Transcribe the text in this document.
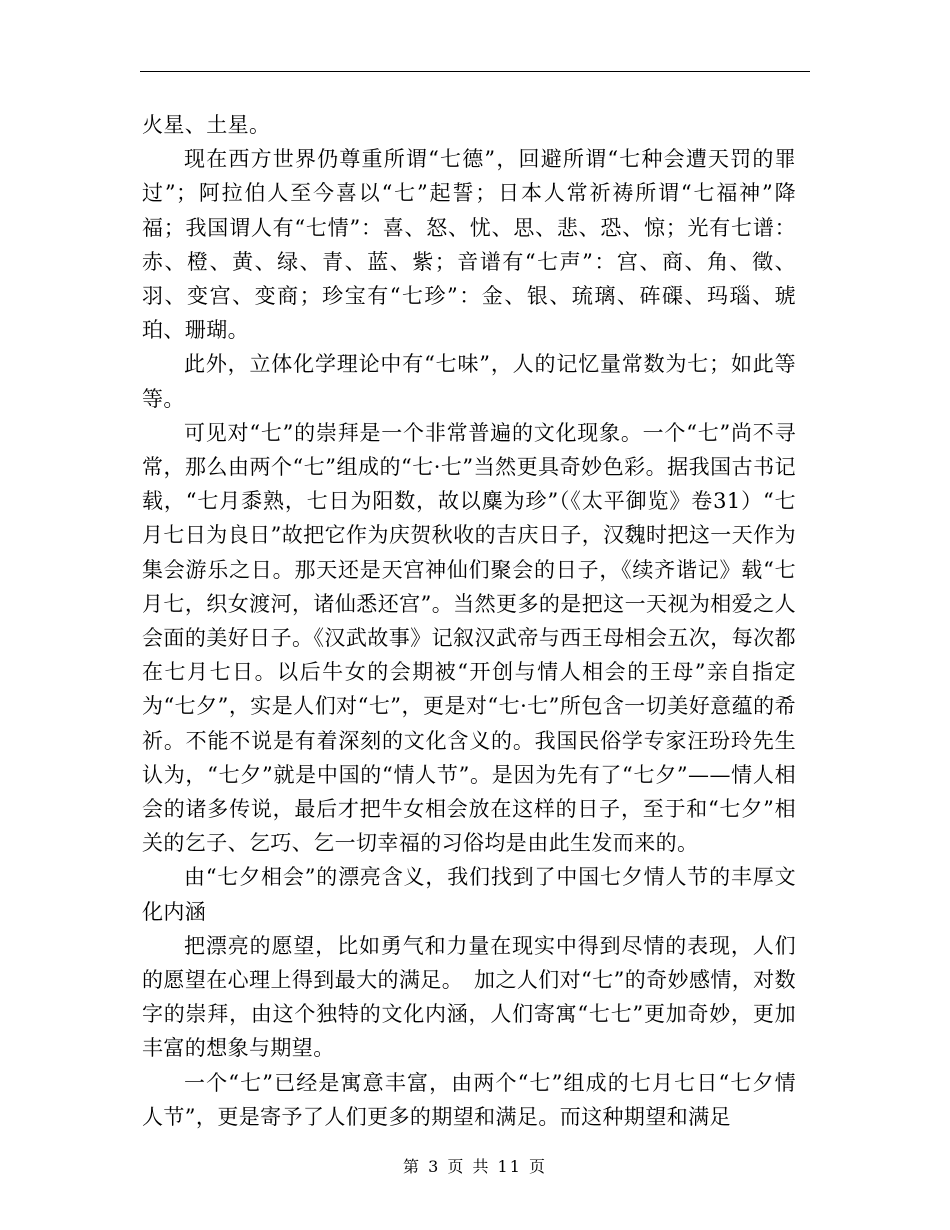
火星、土星。

现在西方世界仍尊重所谓“七德”，回避所谓“七种会遭天罚的罪过”；阿拉伯人至今喜以“七”起誓；日本人常祈祷所谓“七福神”降福；我国谓人有“七情”：喜、怒、忧、思、悲、恐、惊；光有七谱：赤、橙、黄、绿、青、蓝、紫；音谱有“七声”：宫、商、角、徵、羽、变宫、变商；珍宝有“七珍”：金、银、琉璃、砗磲、玛瑙、琥珀、珊瑚。

此外，立体化学理论中有“七味”，人的记忆量常数为七；如此等等。

可见对“七”的崇拜是一个非常普遍的文化现象。一个“七”尚不寻常，那么由两个“七”组成的“七·七”当然更具奇妙色彩。据我国古书记载，“七月黍熟，七日为阳数，故以麋为珍”（《太平御览》卷31）“七月七日为良日”故把它作为庆贺秋收的吉庆日子，汉魏时把这一天作为集会游乐之日。那天还是天宫神仙们聚会的日子，《续齐谐记》载“七月七，织女渡河，诸仙悉还宫”。当然更多的是把这一天视为相爱之人会面的美好日子。《汉武故事》记叙汉武帝与西王母相会五次，每次都在七月七日。以后牛女的会期被“开创与情人相会的王母”亲自指定为“七夕”，实是人们对“七”，更是对“七·七”所包含一切美好意蕴的希祈。不能不说是有着深刻的文化含义的。我国民俗学专家汪玢玲先生认为，“七夕”就是中国的“情人节”。是因为先有了“七夕”——情人相会的诸多传说，最后才把牛女相会放在这样的日子，至于和“七夕”相关的乞子、乞巧、乞一切幸福的习俗均是由此生发而来的。

由“七夕相会”的漂亮含义，我们找到了中国七夕情人节的丰厚文化内涵

把漂亮的愿望，比如勇气和力量在现实中得到尽情的表现，人们的愿望在心理上得到最大的满足。　加之人们对“七”的奇妙感情，对数字的崇拜，由这个独特的文化内涵，人们寄寓“七七”更加奇妙，更加丰富的想象与期望。

一个“七”已经是寓意丰富，由两个“七”组成的七月七日“七夕情人节”，更是寄予了人们更多的期望和满足。而这种期望和满足

第 3 页 共 11 页
